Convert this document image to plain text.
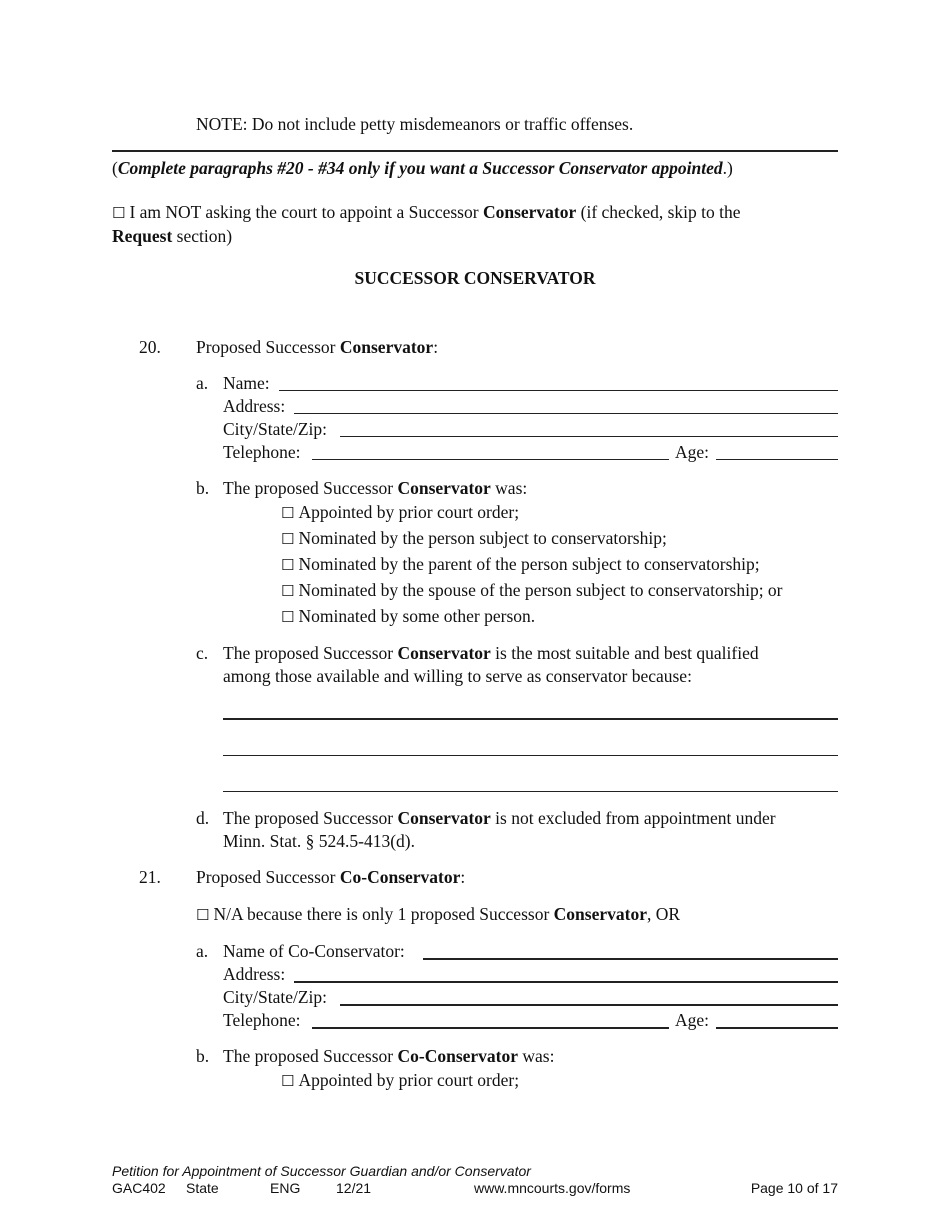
NOTE: Do not include petty misdemeanors or traffic offenses.
(Complete paragraphs #20 - #34 only if you want a Successor Conservator appointed.)
☐ I am NOT asking the court to appoint a Successor Conservator (if checked, skip to the
Request section)
SUCCESSOR CONSERVATOR
20. Proposed Successor Conservator:
a. Name:
Address:
City/State/Zip:
Telephone:	Age:
b. The proposed Successor Conservator was:
☐ Appointed by prior court order;
☐ Nominated by the person subject to conservatorship;
☐ Nominated by the parent of the person subject to conservatorship;
☐ Nominated by the spouse of the person subject to conservatorship; or
☐ Nominated by some other person.
c. The proposed Successor Conservator is the most suitable and best qualified
among those available and willing to serve as conservator because:
d. The proposed Successor Conservator is not excluded from appointment under
Minn. Stat. § 524.5-413(d).
21. Proposed Successor Co-Conservator:
☐ N/A because there is only 1 proposed Successor Conservator, OR
a. Name of Co-Conservator:
Address:
City/State/Zip:
Telephone:	Age:
b. The proposed Successor Co-Conservator was:
☐ Appointed by prior court order;
Petition for Appointment of Successor Guardian and/or Conservator
GAC402 State	ENG	12/21	www.mncourts.gov/forms	Page 10 of 17
